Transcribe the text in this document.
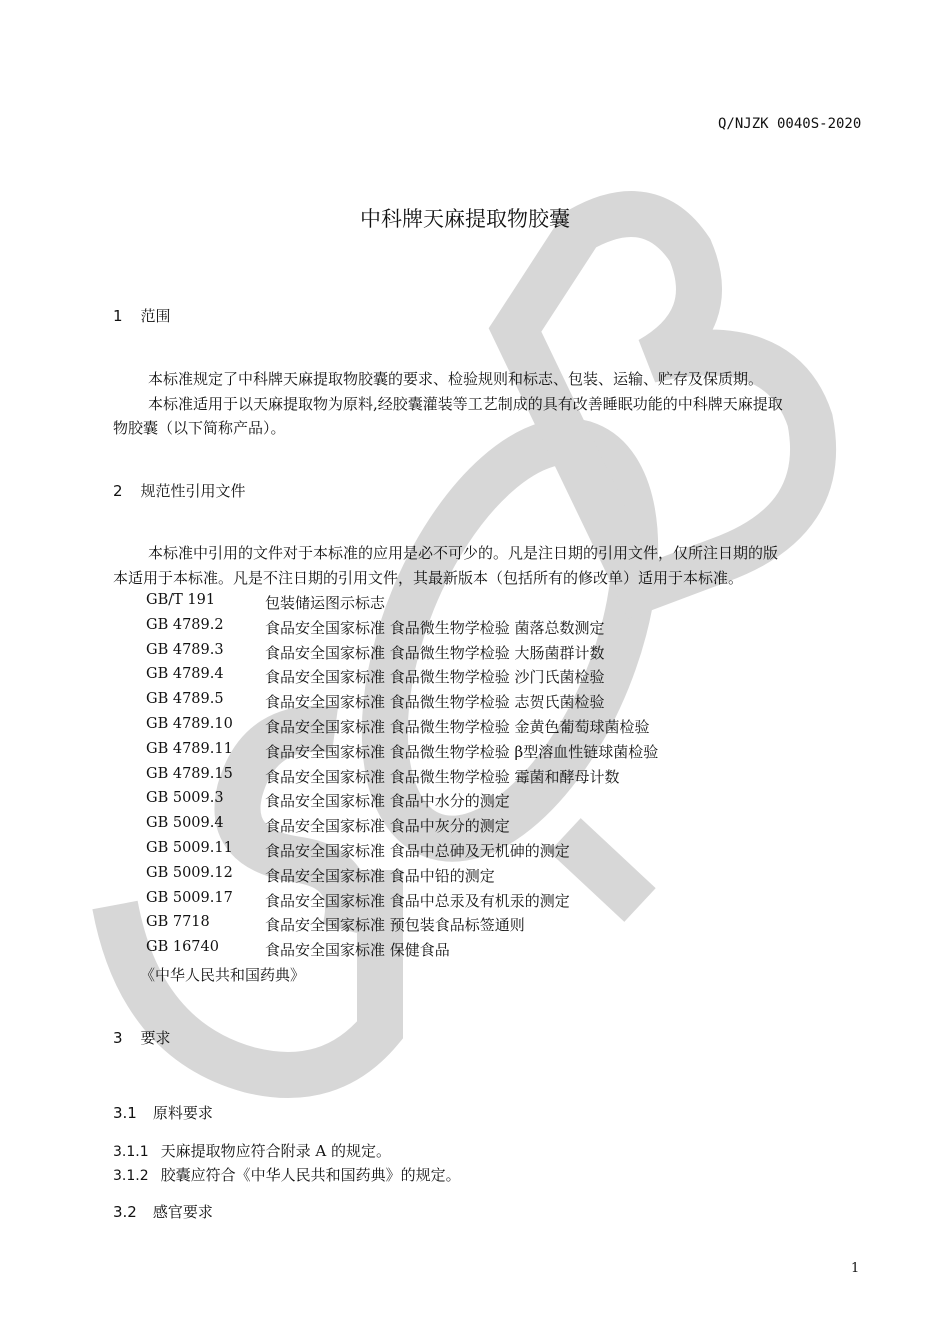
Q/NJZK 0040S-2020
中科牌天麻提取物胶囊
1 范围
本标准规定了中科牌天麻提取物胶囊的要求、检验规则和标志、包装、运输、贮存及保质期。
本标准适用于以天麻提取物为原料,经胶囊灌装等工艺制成的具有改善睡眠功能的中科牌天麻提取
物胶囊（以下简称产品）。
2 规范性引用文件
本标准中引用的文件对于本标准的应用是必不可少的。凡是注日期的引用文件，仅所注日期的版
本适用于本标准。凡是不注日期的引用文件，其最新版本（包括所有的修改单）适用于本标准。
GB/T 191	包装储运图示标志
GB 4789.2	食品安全国家标准 食品微生物学检验 菌落总数测定
GB 4789.3	食品安全国家标准 食品微生物学检验 大肠菌群计数
GB 4789.4	食品安全国家标准 食品微生物学检验 沙门氏菌检验
GB 4789.5	食品安全国家标准 食品微生物学检验 志贺氏菌检验
GB 4789.10 食品安全国家标准 食品微生物学检验 金黄色葡萄球菌检验
GB 4789.11 食品安全国家标准 食品微生物学检验 β型溶血性链球菌检验
GB 4789.15 食品安全国家标准 食品微生物学检验 霉菌和酵母计数
GB 5009.3	食品安全国家标准 食品中水分的测定
GB 5009.4	食品安全国家标准 食品中灰分的测定
GB 5009.11 食品安全国家标准 食品中总砷及无机砷的测定
GB 5009.12 食品安全国家标准 食品中铅的测定
GB 5009.17 食品安全国家标准 食品中总汞及有机汞的测定
GB 7718	食品安全国家标准 预包装食品标签通则
GB 16740	食品安全国家标准 保健食品
《中华人民共和国药典》
3 要求
3.1 原料要求
3.1.1 天麻提取物应符合附录 A 的规定。
3.1.2 胶囊应符合《中华人民共和国药典》的规定。
3.2 感官要求
1
